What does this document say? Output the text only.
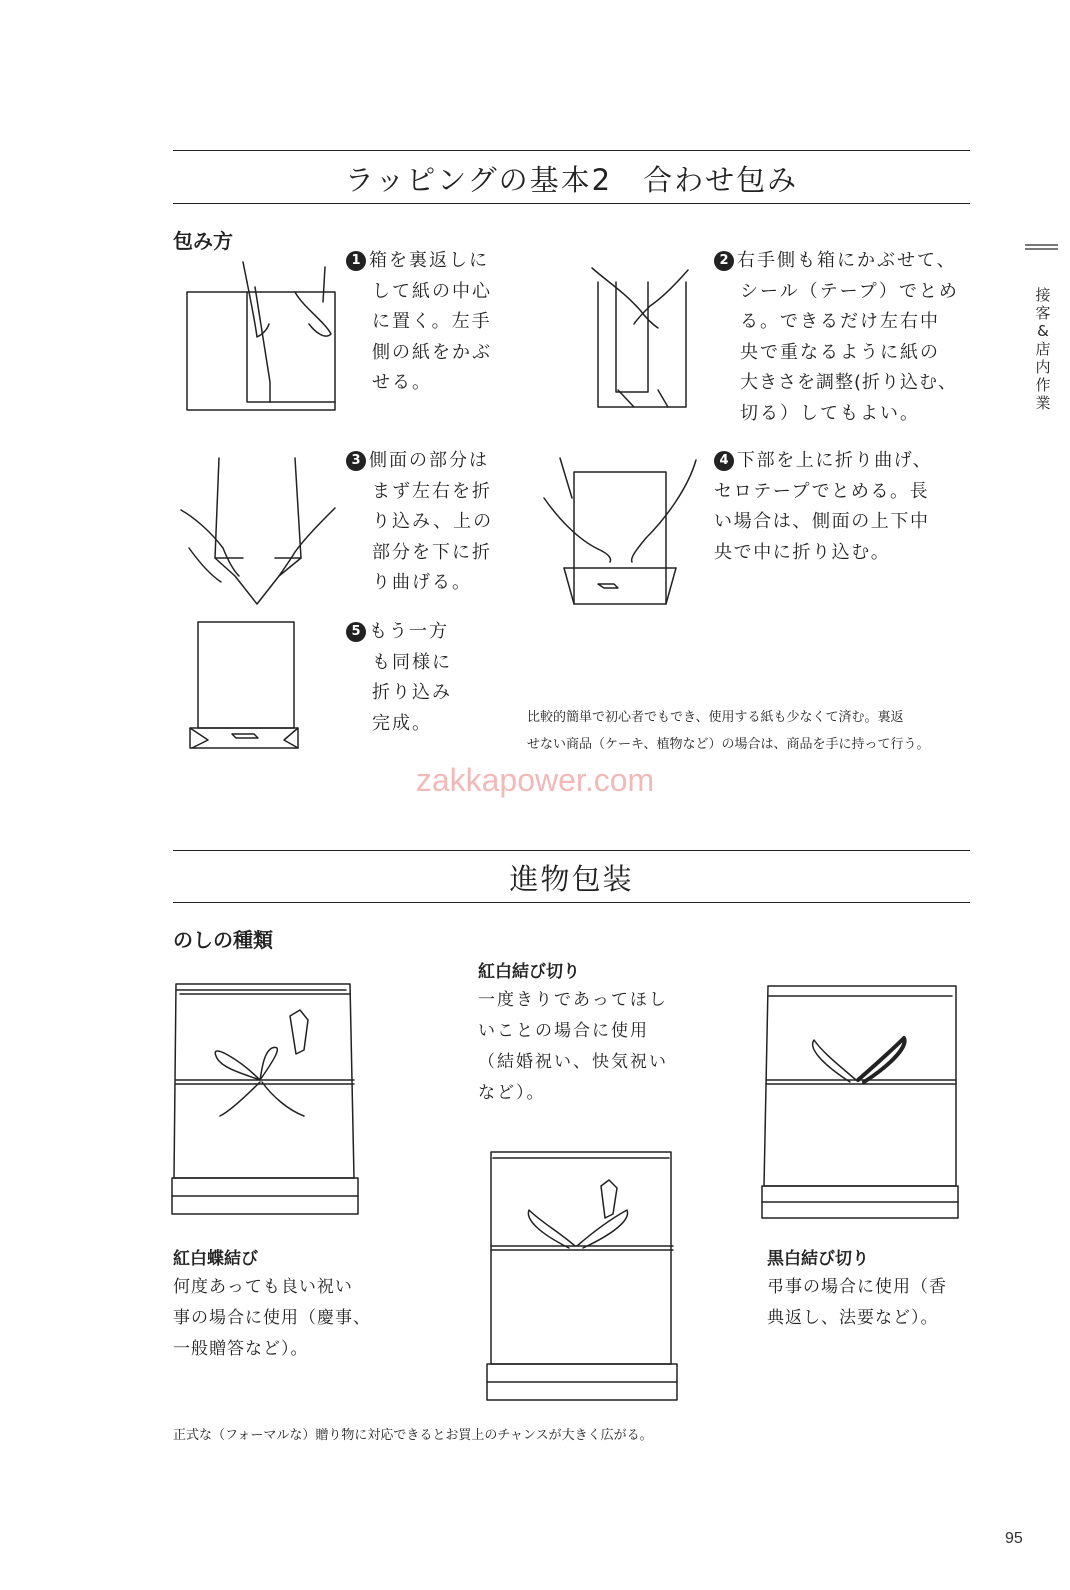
ラッピングの基本2　合わせ包み
包み方
接客&店内作業
1 箱を裏返しに
して紙の中心
に置く。左手
側の紙をかぶ
せる。
2 右手側も箱にかぶせて、
シール（テープ）でとめ
る。できるだけ左右中
央で重なるように紙の
大きさを調整(折り込む、
切る）してもよい。
3 側面の部分は
まず左右を折
り込み、上の
部分を下に折
り曲げる。
4 下部を上に折り曲げ、
セロテープでとめる。長
い場合は、側面の上下中
央で中に折り込む。
5 もう一方
も同様に
折り込み
完成。	比較的簡単で初心者でもでき、使用する紙も少なくて済む。裏返
せない商品（ケーキ、植物など）の場合は、商品を手に持って行う。
zakkapower.com
進物包装
のしの種類
紅白蝶結び
何度あっても良い祝い
事の場合に使用（慶事、
一般贈答など）。
紅白結び切り
一度きりであってほし
いことの場合に使用
（結婚祝い、快気祝い
など）。
黒白結び切り
弔事の場合に使用（香
典返し、法要など）。
正式な（フォーマルな）贈り物に対応できるとお買上のチャンスが大きく広がる。
95
